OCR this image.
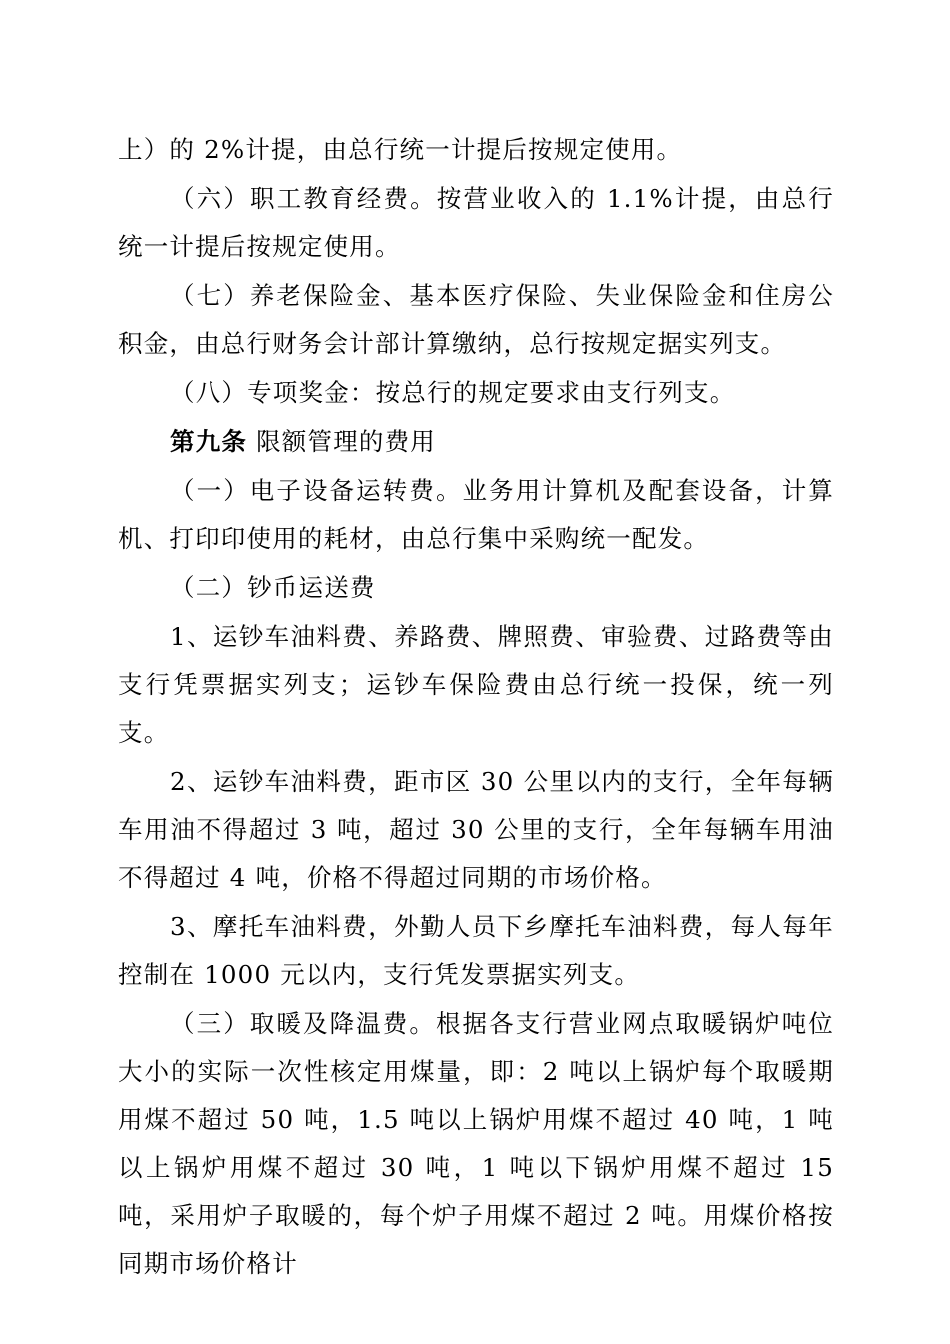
上）的 2%计提，由总行统一计提后按规定使用。

（六）职工教育经费。按营业收入的 1.1%计提，由总行统一计提后按规定使用。

（七）养老保险金、基本医疗保险、失业保险金和住房公积金，由总行财务会计部计算缴纳，总行按规定据实列支。

（八）专项奖金：按总行的规定要求由支行列支。

第九条 限额管理的费用

（一）电子设备运转费。业务用计算机及配套设备，计算机、打印印使用的耗材，由总行集中采购统一配发。

（二）钞币运送费

1、运钞车油料费、养路费、牌照费、审验费、过路费等由支行凭票据实列支；运钞车保险费由总行统一投保，统一列支。

2、运钞车油料费，距市区 30 公里以内的支行，全年每辆车用油不得超过 3 吨，超过 30 公里的支行，全年每辆车用油不得超过 4 吨，价格不得超过同期的市场价格。

3、摩托车油料费，外勤人员下乡摩托车油料费，每人每年控制在 1000 元以内，支行凭发票据实列支。

（三）取暖及降温费。根据各支行营业网点取暖锅炉吨位大小的实际一次性核定用煤量，即：2 吨以上锅炉每个取暖期用煤不超过 50 吨，1.5 吨以上锅炉用煤不超过 40 吨，1 吨以上锅炉用煤不超过 30 吨，1 吨以下锅炉用煤不超过 15 吨，采用炉子取暖的，每个炉子用煤不超过 2 吨。用煤价格按同期市场价格计
